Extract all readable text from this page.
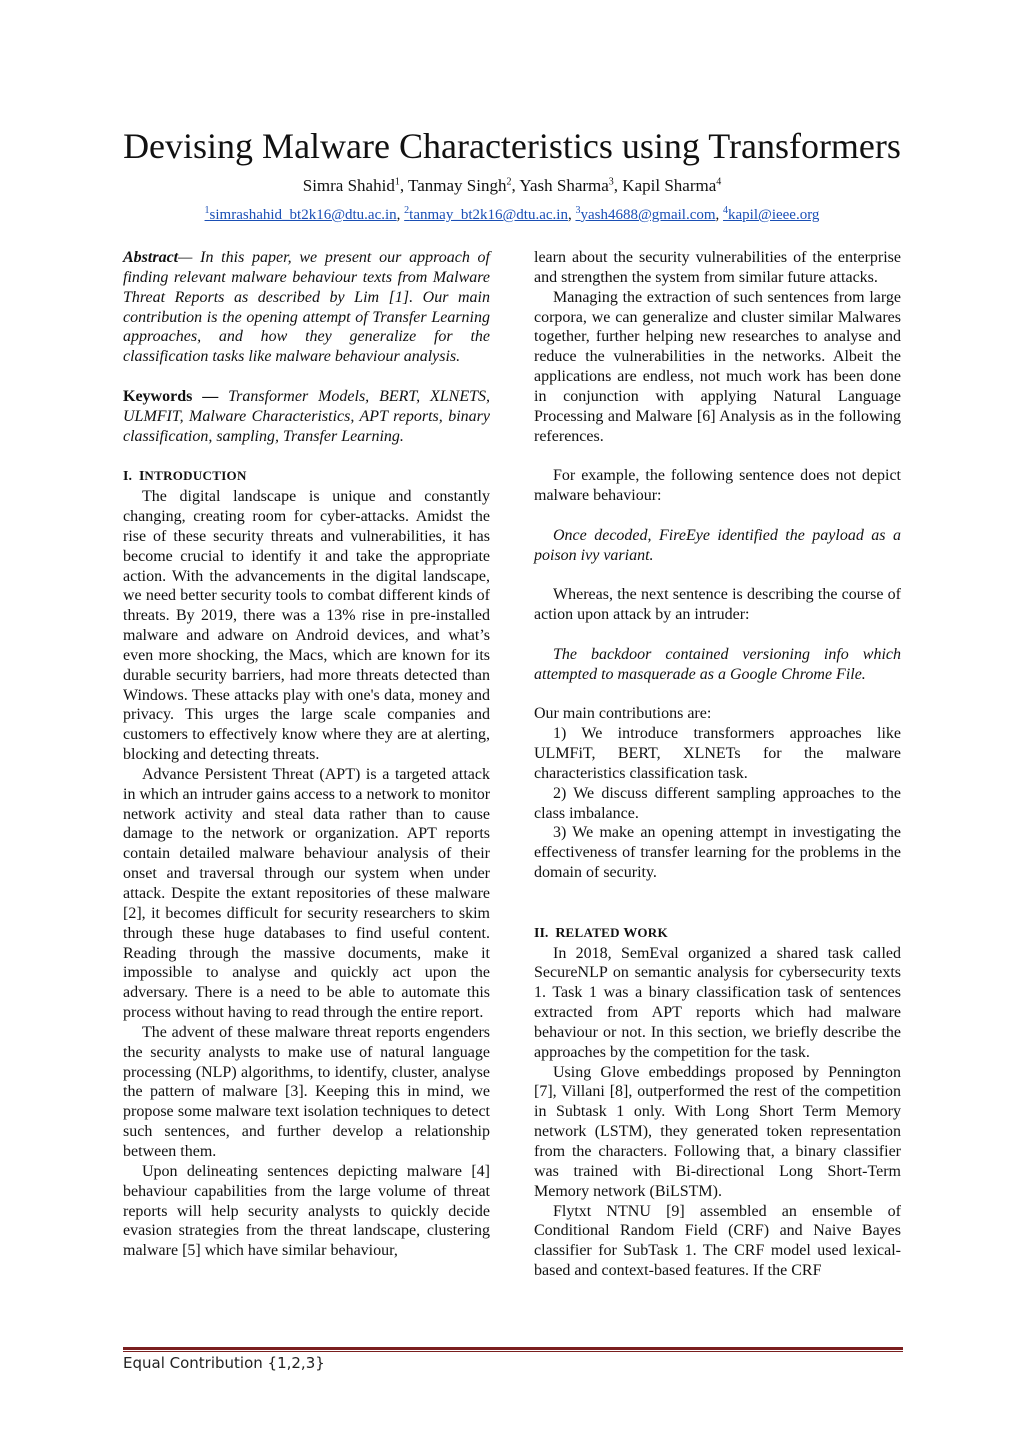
Devising Malware Characteristics using Transformers
Simra Shahid$^1$, Tanmay Singh$^2$, Yash Sharma$^3$, Kapil Sharma$^4$
$^1$simrashahid_bt2k16@dtu.ac.in, $^2$tanmay_bt2k16@dtu.ac.in, $^3$yash4688@gmail.com, $^4$kapil@ieee.org

Abstract— In this paper, we present our approach of finding relevant malware behaviour texts from Malware Threat Reports as described by Lim [1]. Our main contribution is the opening attempt of Transfer Learning approaches, and how they generalize for the classification tasks like malware behaviour analysis.

Keywords — Transformer Models, BERT, XLNETS, ULMFIT, Malware Characteristics, APT reports, binary classification, sampling, Transfer Learning.

I. INTRODUCTION

The digital landscape is unique and constantly changing, creating room for cyber-attacks. Amidst the rise of these security threats and vulnerabilities, it has become crucial to identify it and take the appropriate action. With the advancements in the digital landscape, we need better security tools to combat different kinds of threats. By 2019, there was a 13% rise in pre-installed malware and adware on Android devices, and what’s even more shocking, the Macs, which are known for its durable security barriers, had more threats detected than Windows. These attacks play with one's data, money and privacy. This urges the large scale companies and customers to effectively know where they are at alerting, blocking and detecting threats.

Advance Persistent Threat (APT) is a targeted attack in which an intruder gains access to a network to monitor network activity and steal data rather than to cause damage to the network or organization. APT reports contain detailed malware behaviour analysis of their onset and traversal through our system when under attack. Despite the extant repositories of these malware [2], it becomes difficult for security researchers to skim through these huge databases to find useful content. Reading through the massive documents, make it impossible to analyse and quickly act upon the adversary. There is a need to be able to automate this process without having to read through the entire report.

The advent of these malware threat reports engenders the security analysts to make use of natural language processing (NLP) algorithms, to identify, cluster, analyse the pattern of malware [3]. Keeping this in mind, we propose some malware text isolation techniques to detect such sentences, and further develop a relationship between them.

Upon delineating sentences depicting malware [4] behaviour capabilities from the large volume of threat reports will help security analysts to quickly decide evasion strategies from the threat landscape, clustering malware [5] which have similar behaviour,

learn about the security vulnerabilities of the enterprise and strengthen the system from similar future attacks.

Managing the extraction of such sentences from large corpora, we can generalize and cluster similar Malwares together, further helping new researches to analyse and reduce the vulnerabilities in the networks. Albeit the applications are endless, not much work has been done in conjunction with applying Natural Language Processing and Malware [6] Analysis as in the following references.

For example, the following sentence does not depict malware behaviour:

Once decoded, FireEye identified the payload as a poison ivy variant.

Whereas, the next sentence is describing the course of action upon attack by an intruder:

The backdoor contained versioning info which attempted to masquerade as a Google Chrome File.

Our main contributions are:

1) We introduce transformers approaches like ULMFiT, BERT, XLNETs for the malware characteristics classification task.

2) We discuss different sampling approaches to the class imbalance.

3) We make an opening attempt in investigating the effectiveness of transfer learning for the problems in the domain of security.

II. RELATED WORK

In 2018, SemEval organized a shared task called SecureNLP on semantic analysis for cybersecurity texts 1. Task 1 was a binary classification task of sentences extracted from APT reports which had malware behaviour or not. In this section, we briefly describe the approaches by the competition for the task.

Using Glove embeddings proposed by Pennington [7], Villani [8], outperformed the rest of the competition in Subtask 1 only. With Long Short Term Memory network (LSTM), they generated token representation from the characters. Following that, a binary classifier was trained with Bi-directional Long Short-Term Memory network (BiLSTM).

Flytxt NTNU [9] assembled an ensemble of Conditional Random Field (CRF) and Naive Bayes classifier for SubTask 1. The CRF model used lexical-based and context-based features. If the CRF

Equal Contribution {1,2,3}
